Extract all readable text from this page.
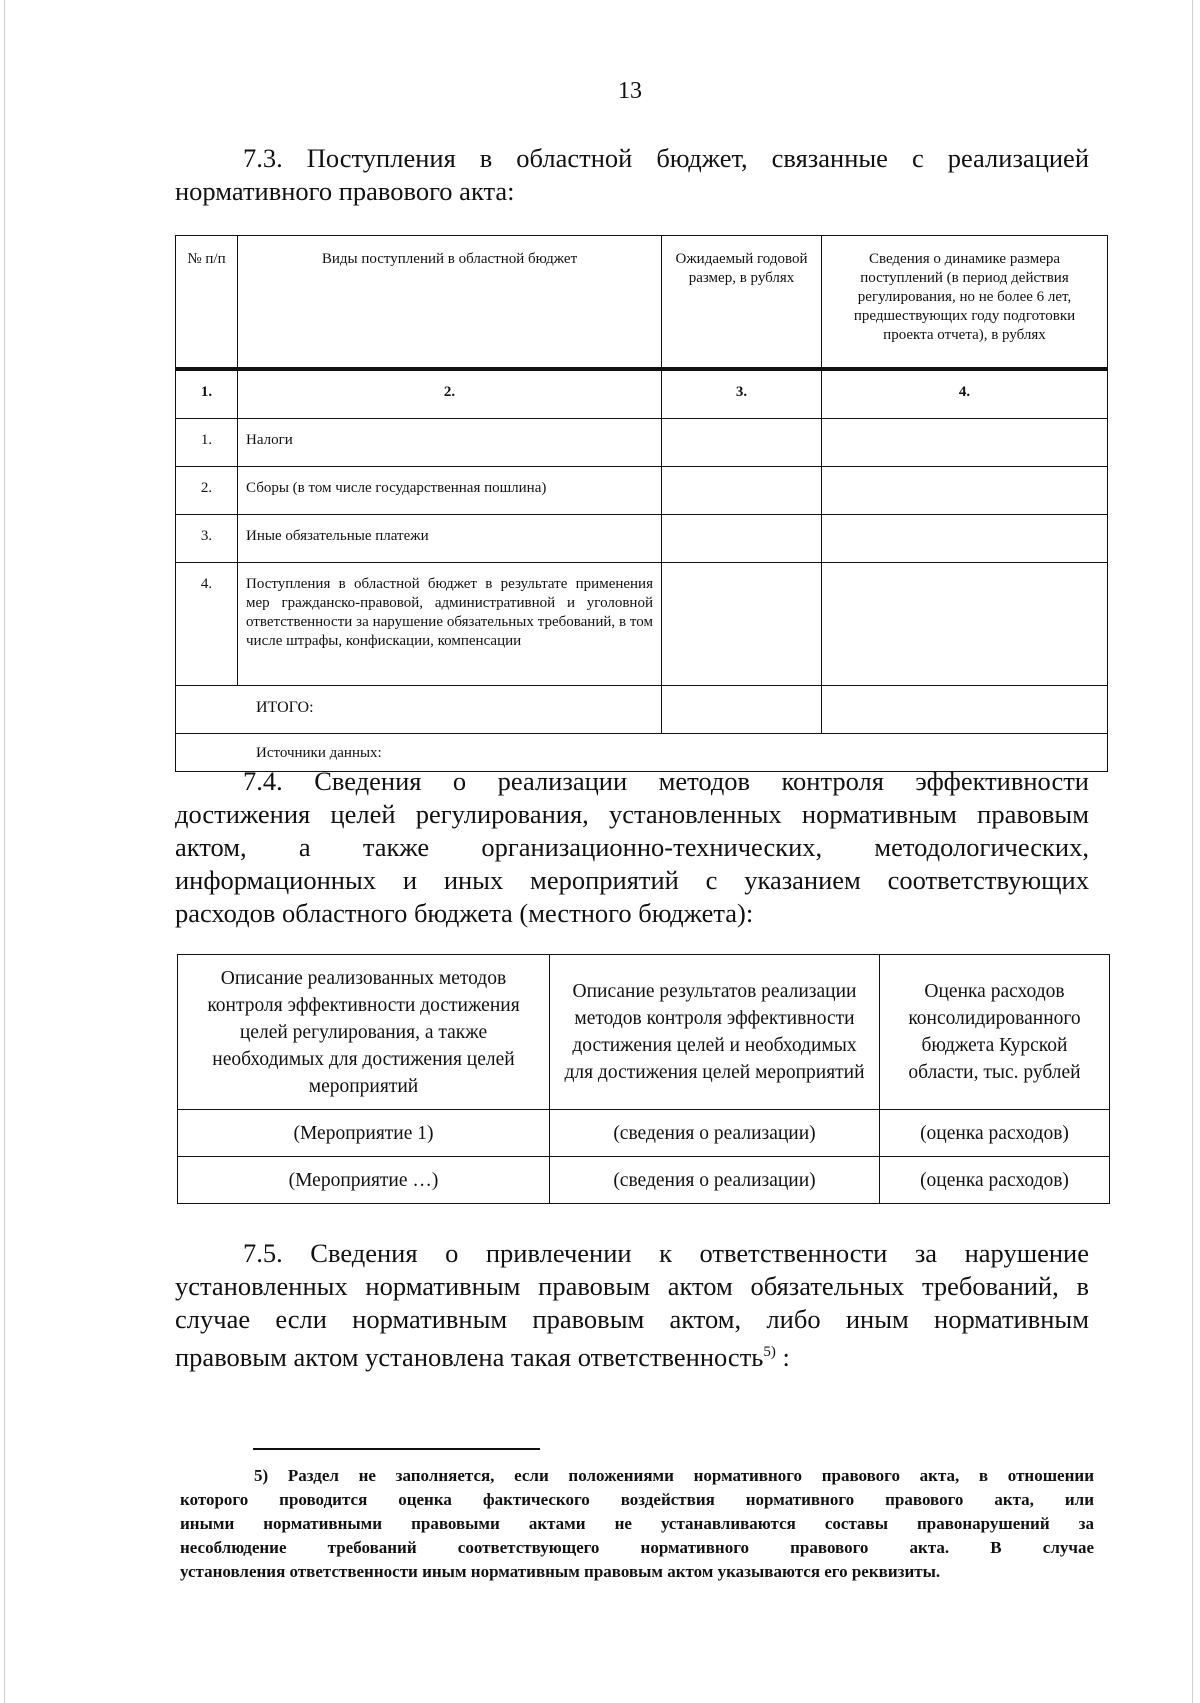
13
7.3. Поступления в областной бюджет, связанные с реализацией
нормативного правового акта:
№ п/п	Виды поступлений в областной бюджет	Ожидаемый годовой размер, в рублях	Сведения о динамике размера поступлений (в период действия регулирования, но не более 6 лет, предшествующих году подготовки проекта отчета), в рублях

1.	2.	3.	4.
1.	Налоги		
2.	Сборы (в том числе государственная пошлина)		
3.	Иные обязательные платежи		
4.	Поступления в областной бюджет в результате применения мер гражданско-правовой, административной и уголовной ответственности за нарушение обязательных требований, в том числе штрафы, конфискации, компенсации		
ИТОГО:			
Источники данных:			
7.4. Сведения о реализации методов контроля эффективности
достижения целей регулирования, установленных нормативным правовым
актом, а также организационно-технических, методологических,
информационных и иных мероприятий с указанием соответствующих
расходов областного бюджета (местного бюджета):
Описание реализованных методов контроля эффективности достижения целей регулирования, а также необходимых для достижения целей мероприятий	Описание результатов реализации методов контроля эффективности достижения целей и необходимых для достижения целей мероприятий	Оценка расходов консолидированного бюджета Курской области, тыс. рублей
(Мероприятие 1)	(сведения о реализации)	(оценка расходов)
(Мероприятие …)	(сведения о реализации)	(оценка расходов)
7.5. Сведения о привлечении к ответственности за нарушение
установленных нормативным правовым актом обязательных требований, в
случае если нормативным правовым актом, либо иным нормативным
правовым актом установлена такая ответственность$^{5)}$ :
5) Раздел не заполняется, если положениями нормативного правового акта, в отношении
которого проводится оценка фактического воздействия нормативного правового акта, или
иными нормативными правовыми актами не устанавливаются составы правонарушений за
несоблюдение требований соответствующего нормативного правового акта. В случае
установления ответственности иным нормативным правовым актом указываются его реквизиты.
